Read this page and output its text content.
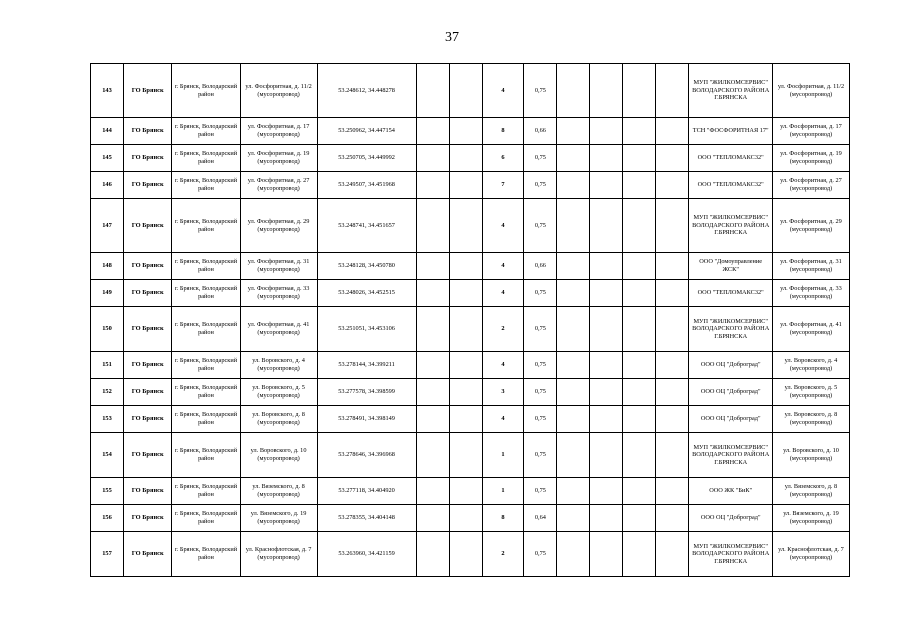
37
143	ГО Брянск	г. Брянск, Володарский район	ул. Фосфоритная, д. 11/2 (мусоропровод)	53.248612, 34.448278			4	0,75					МУП "ЖИЛКОМСЕРВИС" ВОЛОДАРСКОГО РАЙОНА Г.БРЯНСКА	ул. Фосфоритная, д. 11/2 (мусоропровод)
144	ГО Брянск	г. Брянск, Володарский район	ул. Фосфоритная, д. 17 (мусоропровод)	53.250962, 34.447154			8	0,66					ТСН "ФОСФОРИТНАЯ 17"	ул. Фосфоритная, д. 17 (мусоропровод)
145	ГО Брянск	г. Брянск, Володарский район	ул. Фосфоритная, д. 19 (мусоропровод)	53.250705, 34.449992			6	0,75					ООО "ТЕПЛОМАКС32"	ул. Фосфоритная, д. 19 (мусоропровод)
146	ГО Брянск	г. Брянск, Володарский район	ул. Фосфоритная, д. 27 (мусоропровод)	53.249507, 34.451968			7	0,75					ООО "ТЕПЛОМАКС32"	ул. Фосфоритная, д. 27 (мусоропровод)
147	ГО Брянск	г. Брянск, Володарский район	ул. Фосфоритная, д. 29 (мусоропровод)	53.248741, 34.451657			4	0,75					МУП "ЖИЛКОМСЕРВИС" ВОЛОДАРСКОГО РАЙОНА Г.БРЯНСКА	ул. Фосфоритная, д. 29 (мусоропровод)
148	ГО Брянск	г. Брянск, Володарский район	ул. Фосфоритная, д. 31 (мусоропровод)	53.248128, 34.450780			4	0,66					ООО "Домоуправление ЖСК"	ул. Фосфоритная, д. 31 (мусоропровод)
149	ГО Брянск	г. Брянск, Володарский район	ул. Фосфоритная, д. 33 (мусоропровод)	53.248026, 34.452515			4	0,75					ООО "ТЕПЛОМАКС32"	ул. Фосфоритная, д. 33 (мусоропровод)
150	ГО Брянск	г. Брянск, Володарский район	ул. Фосфоритная, д. 41 (мусоропровод)	53.251051, 34.453106			2	0,75					МУП "ЖИЛКОМСЕРВИС" ВОЛОДАРСКОГО РАЙОНА Г.БРЯНСКА	ул. Фосфоритная, д. 41 (мусоропровод)
151	ГО Брянск	г. Брянск, Володарский район	ул. Воровского, д. 4 (мусоропровод)	53.278144, 34.399211			4	0,75					ООО ОЦ "Доброград"	ул. Воровского, д. 4 (мусоропровод)
152	ГО Брянск	г. Брянск, Володарский район	ул. Воровского, д. 5 (мусоропровод)	53.277578, 34.398599			3	0,75					ООО ОЦ "Доброград"	ул. Воровского, д. 5 (мусоропровод)
153	ГО Брянск	г. Брянск, Володарский район	ул. Воровского, д. 8 (мусоропровод)	53.278491, 34.398149			4	0,75					ООО ОЦ "Доброград"	ул. Воровского, д. 8 (мусоропровод)
154	ГО Брянск	г. Брянск, Володарский район	ул. Воровского, д. 10 (мусоропровод)	53.278646, 34.396968			1	0,75					МУП "ЖИЛКОМСЕРВИС" ВОЛОДАРСКОГО РАЙОНА Г.БРЯНСКА	ул. Воровского, д. 10 (мусоропровод)
155	ГО Брянск	г. Брянск, Володарский район	ул. Вяземского, д. 8 (мусоропровод)	53.277118, 34.404920			1	0,75					ООО ЖК "БиК"	ул. Вяземского, д. 8 (мусоропровод)
156	ГО Брянск	г. Брянск, Володарский район	ул. Вяземского, д. 19 (мусоропровод)	53.278355, 34.404148			8	0,64					ООО ОЦ "Доброград"	ул. Вяземского, д. 19 (мусоропровод)
157	ГО Брянск	г. Брянск, Володарский район	ул. Краснофлотская, д. 7 (мусоропровод)	53.263960, 34.421159			2	0,75					МУП "ЖИЛКОМСЕРВИС" ВОЛОДАРСКОГО РАЙОНА Г.БРЯНСКА	ул. Краснофлотская, д. 7 (мусоропровод)
